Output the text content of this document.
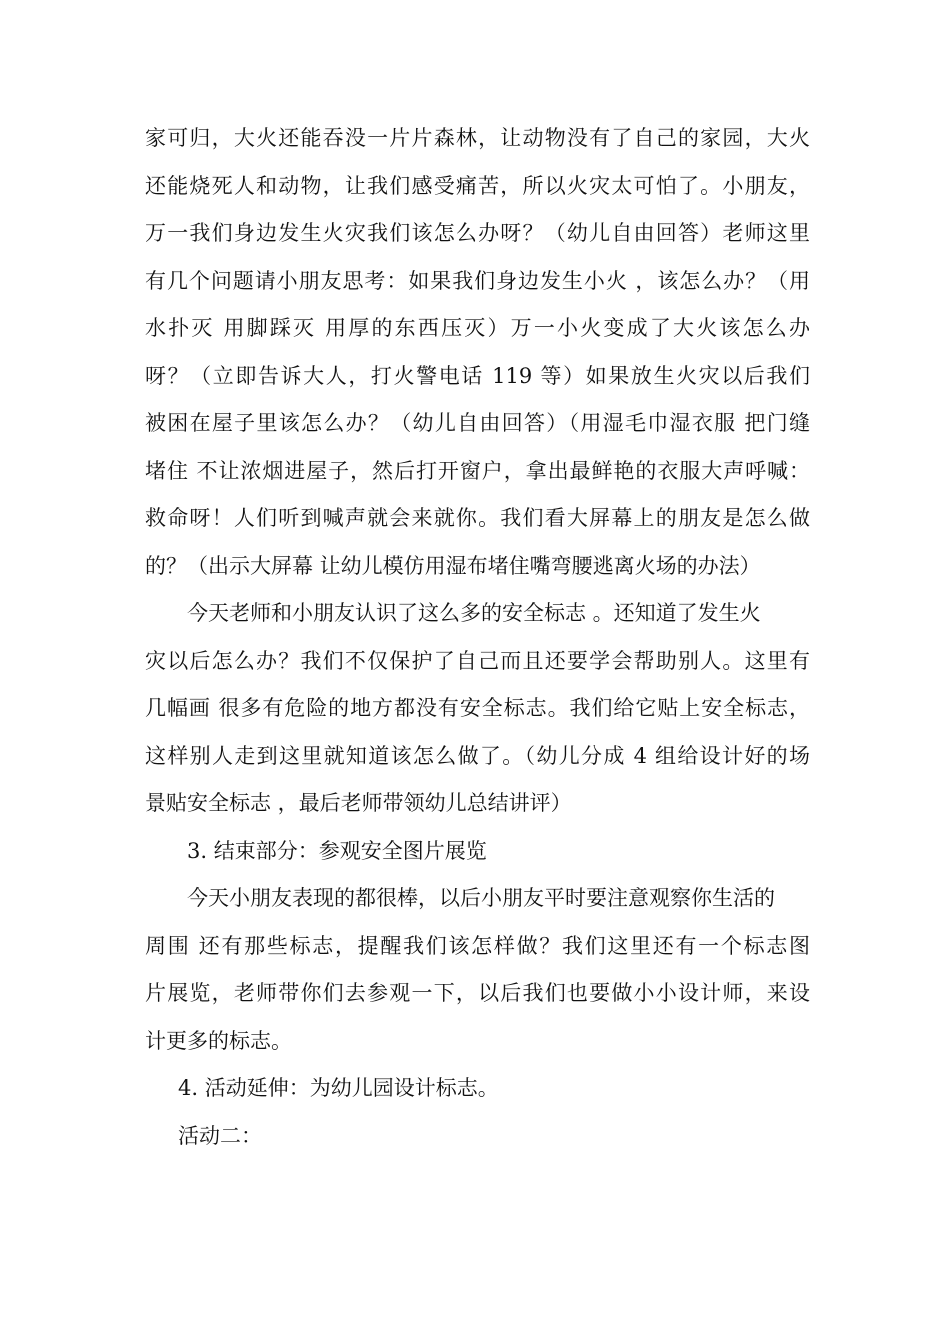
家可归，大火还能吞没一片片森林，让动物没有了自己的家园，大火
还能烧死人和动物，让我们感受痛苦，所以火灾太可怕了。小朋友，
万一我们身边发生火灾我们该怎么办呀？（幼儿自由回答）老师这里
有几个问题请小朋友思考：如果我们身边发生小火 ，该怎么办？（用
水扑灭 用脚踩灭 用厚的东西压灭）万一小火变成了大火该怎么办
呀？（立即告诉大人，打火警电话 119 等）如果放生火灾以后我们
被困在屋子里该怎么办？（幼儿自由回答）（用湿毛巾湿衣服 把门缝
堵住 不让浓烟进屋子，然后打开窗户，拿出最鲜艳的衣服大声呼喊：
救命呀！人们听到喊声就会来就你。我们看大屏幕上的朋友是怎么做
的？（出示大屏幕 让幼儿模仿用湿布堵住嘴弯腰逃离火场的办法）
今天老师和小朋友认识了这么多的安全标志 。还知道了发生火
灾以后怎么办？我们不仅保护了自己而且还要学会帮助别人。这里有
几幅画 很多有危险的地方都没有安全标志。我们给它贴上安全标志，
这样别人走到这里就知道该怎么做了。（幼儿分成 4 组给设计好的场
景贴安全标志 ，最后老师带领幼儿总结讲评）
3. 结束部分：参观安全图片展览
今天小朋友表现的都很棒，以后小朋友平时要注意观察你生活的
周围 还有那些标志，提醒我们该怎样做？我们这里还有一个标志图
片展览，老师带你们去参观一下，以后我们也要做小小设计师，来设
计更多的标志。
4. 活动延伸：为幼儿园设计标志。
活动二：
